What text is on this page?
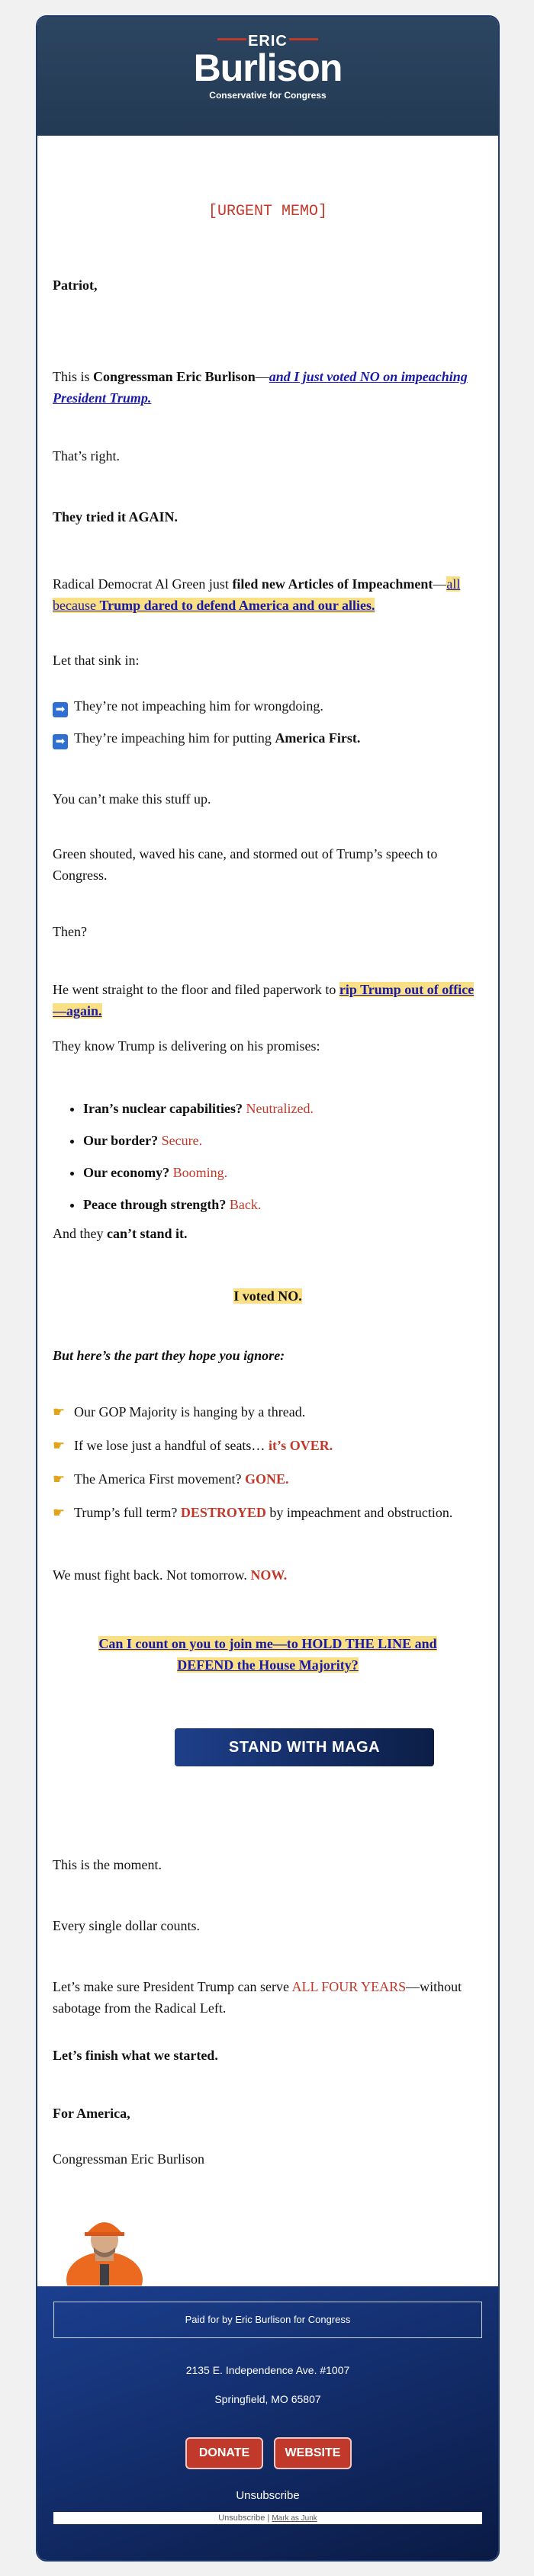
ERIC
Burlison
Conservative for Congress
[URGENT MEMO]
Patriot,
This is Congressman Eric Burlison—and I just voted NO on impeaching President Trump.
That’s right.
They tried it AGAIN.
Radical Democrat Al Green just filed new Articles of Impeachment—all because Trump dared to defend America and our allies.
Let that sink in:
➡ They’re not impeaching him for wrongdoing.
➡ They’re impeaching him for putting America First.
You can’t make this stuff up.
Green shouted, waved his cane, and stormed out of Trump’s speech to Congress.
Then?
He went straight to the floor and filed paperwork to rip Trump out of office—again.
They know Trump is delivering on his promises:
• Iran’s nuclear capabilities? Neutralized.
• Our border? Secure.
• Our economy? Booming.
• Peace through strength? Back.
And they can’t stand it.
I voted NO.
But here’s the part they hope you ignore:
☛ Our GOP Majority is hanging by a thread.
☛ If we lose just a handful of seats… it’s OVER.
☛ The America First movement? GONE.
☛ Trump’s full term? DESTROYED by impeachment and obstruction.
We must fight back. Not tomorrow. NOW.
Can I count on you to join me—to HOLD THE LINE and DEFEND the House Majority?
STAND WITH MAGA
This is the moment.
Every single dollar counts.
Let’s make sure President Trump can serve ALL FOUR YEARS—without sabotage from the Radical Left.
Let’s finish what we started.
For America,
Congressman Eric Burlison
Paid for by Eric Burlison for Congress
2135 E. Independence Ave. #1007
Springfield, MO 65807
DONATE	WEBSITE
Unsubscribe
Unsubscribe | Mark as Junk
